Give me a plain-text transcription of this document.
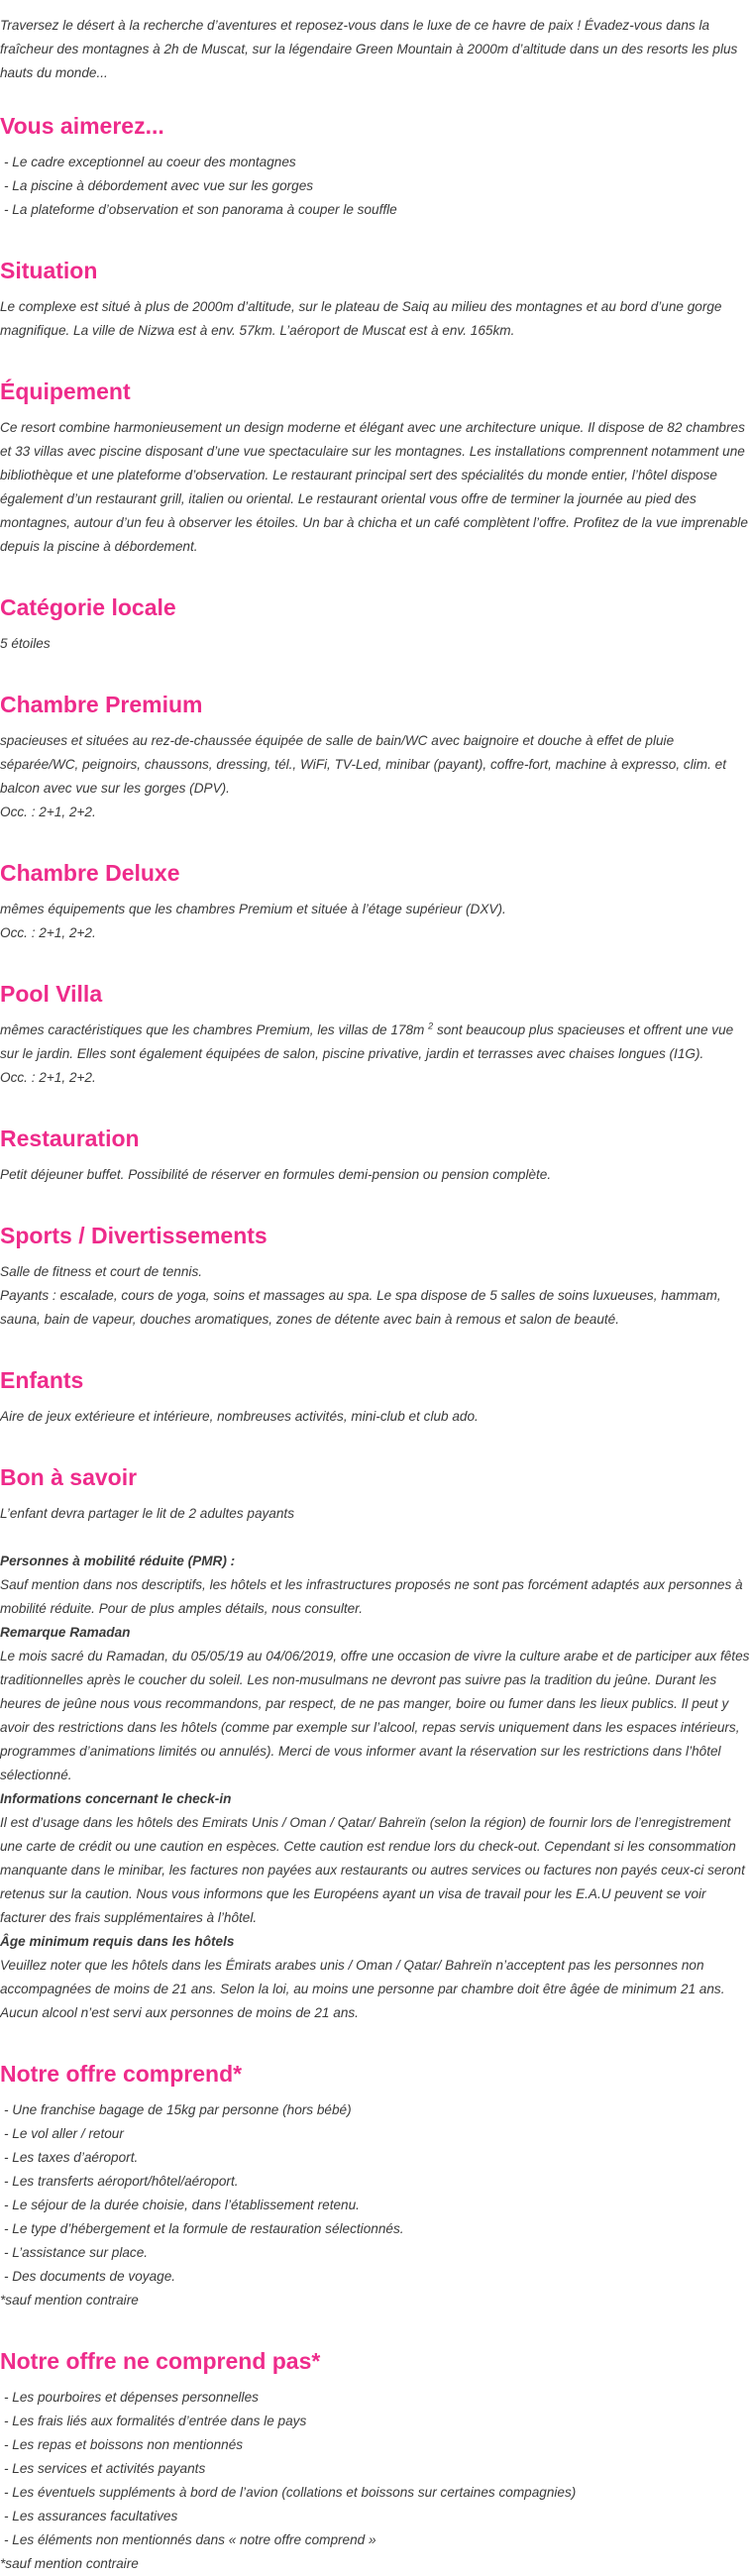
Traversez le désert à la recherche d’aventures et reposez-vous dans le luxe de ce havre de paix ! Évadez-vous dans la fraîcheur des montagnes à 2h de Muscat, sur la légendaire Green Mountain à 2000m d’altitude dans un des resorts les plus hauts du monde...

Vous aimerez...

- Le cadre exceptionnel au coeur des montagnes

- La piscine à débordement avec vue sur les gorges

- La plateforme d’observation et son panorama à couper le souffle

Situation

Le complexe est situé à plus de 2000m d’altitude, sur le plateau de Saiq au milieu des montagnes et au bord d’une gorge magnifique. La ville de Nizwa est à env. 57km. L’aéroport de Muscat est à env. 165km.

Équipement

Ce resort combine harmonieusement un design moderne et élégant avec une architecture unique. Il dispose de 82 chambres et 33 villas avec piscine disposant d’une vue spectaculaire sur les montagnes. Les installations comprennent notamment une bibliothèque et une plateforme d’observation. Le restaurant principal sert des spécialités du monde entier, l’hôtel dispose également d’un restaurant grill, italien ou oriental. Le restaurant oriental vous offre de terminer la journée au pied des montagnes, autour d’un feu à observer les étoiles. Un bar à chicha et un café complètent l’offre. Profitez de la vue imprenable depuis la piscine à débordement.

Catégorie locale

5 étoiles

Chambre Premium

spacieuses et situées au rez-de-chaussée équipée de salle de bain/WC avec baignoire et douche à effet de pluie séparée/WC, peignoirs, chaussons, dressing, tél., WiFi, TV-Led, minibar (payant), coffre-fort, machine à expresso, clim. et balcon avec vue sur les gorges (DPV).

Occ. : 2+1, 2+2.

Chambre Deluxe

mêmes équipements que les chambres Premium et située à l’étage supérieur (DXV).

Occ. : 2+1, 2+2.

Pool Villa

mêmes caractéristiques que les chambres Premium, les villas de 178m $^2$ sont beaucoup plus spacieuses et offrent une vue sur le jardin. Elles sont également équipées de salon, piscine privative, jardin et terrasses avec chaises longues (I1G).

Occ. : 2+1, 2+2.

Restauration

Petit déjeuner buffet. Possibilité de réserver en formules demi-pension ou pension complète.

Sports / Divertissements

Salle de fitness et court de tennis.

Payants : escalade, cours de yoga, soins et massages au spa. Le spa dispose de 5 salles de soins luxueuses, hammam, sauna, bain de vapeur, douches aromatiques, zones de détente avec bain à remous et salon de beauté.

Enfants

Aire de jeux extérieure et intérieure, nombreuses activités, mini-club et club ado.

Bon à savoir

L’enfant devra partager le lit de 2 adultes payants

Personnes à mobilité réduite (PMR) :

Sauf mention dans nos descriptifs, les hôtels et les infrastructures proposés ne sont pas forcément adaptés aux personnes à mobilité réduite. Pour de plus amples détails, nous consulter.

Remarque Ramadan

Le mois sacré du Ramadan, du 05/05/19 au 04/06/2019, offre une occasion de vivre la culture arabe et de participer aux fêtes traditionnelles après le coucher du soleil. Les non-musulmans ne devront pas suivre pas la tradition du jeûne. Durant les heures de jeûne nous vous recommandons, par respect, de ne pas manger, boire ou fumer dans les lieux publics. Il peut y avoir des restrictions dans les hôtels (comme par exemple sur l’alcool, repas servis uniquement dans les espaces intérieurs, programmes d’animations limités ou annulés). Merci de vous informer avant la réservation sur les restrictions dans l’hôtel sélectionné.

Informations concernant le check-in

Il est d’usage dans les hôtels des Emirats Unis / Oman / Qatar/ Bahreïn (selon la région) de fournir lors de l’enregistrement une carte de crédit ou une caution en espèces. Cette caution est rendue lors du check-out. Cependant si les consommation manquante dans le minibar, les factures non payées aux restaurants ou autres services ou factures non payés ceux-ci seront retenus sur la caution. Nous vous informons que les Européens ayant un visa de travail pour les E.A.U peuvent se voir facturer des frais supplémentaires à l’hôtel.

Âge minimum requis dans les hôtels

Veuillez noter que les hôtels dans les Émirats arabes unis / Oman / Qatar/ Bahreïn n’acceptent pas les personnes non accompagnées de moins de 21 ans. Selon la loi, au moins une personne par chambre doit être âgée de minimum 21 ans. Aucun alcool n’est servi aux personnes de moins de 21 ans.

Notre offre comprend*

- Une franchise bagage de 15kg par personne (hors bébé)

- Le vol aller / retour

- Les taxes d’aéroport.

- Les transferts aéroport/hôtel/aéroport.

- Le séjour de la durée choisie, dans l’établissement retenu.

- Le type d’hébergement et la formule de restauration sélectionnés.

- L’assistance sur place.

- Des documents de voyage.

*sauf mention contraire

Notre offre ne comprend pas*

- Les pourboires et dépenses personnelles

- Les frais liés aux formalités d’entrée dans le pays

- Les repas et boissons non mentionnés

- Les services et activités payants

- Les éventuels suppléments à bord de l’avion (collations et boissons sur certaines compagnies)

- Les assurances facultatives

- Les éléments non mentionnés dans « notre offre comprend »

*sauf mention contraire
